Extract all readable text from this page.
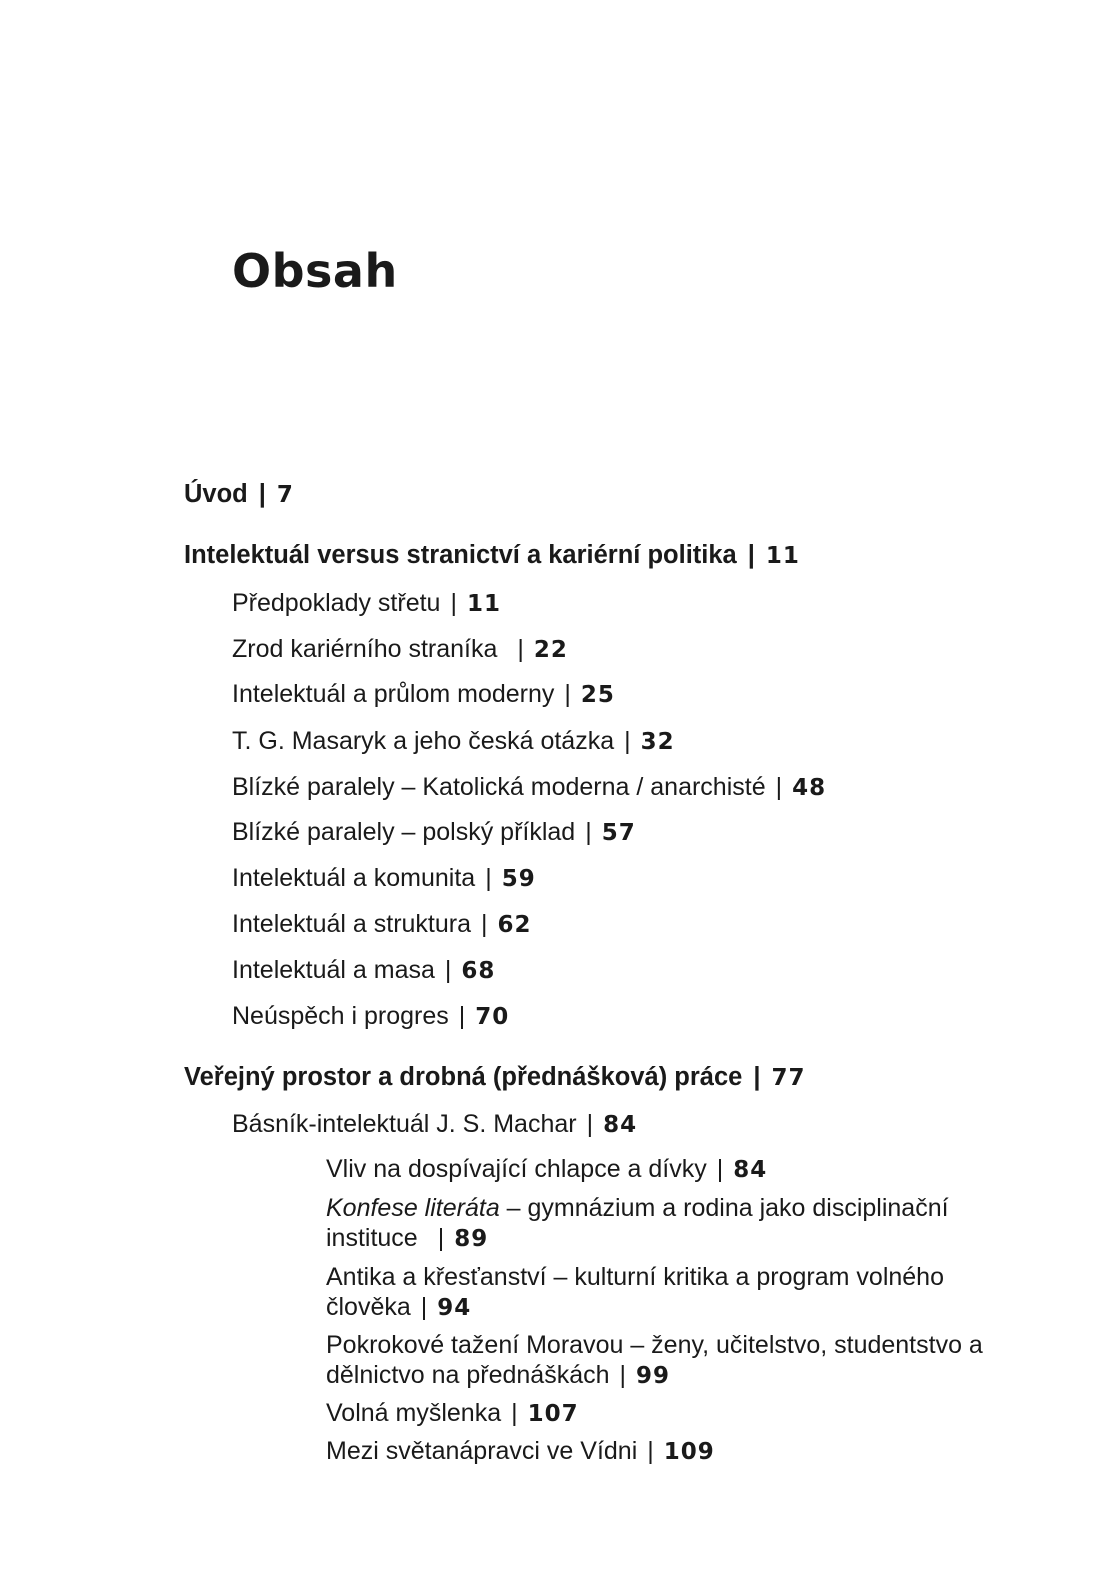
Obsah
Úvod | 7
Intelektuál versus stranictví a kariérní politika | 11
Předpoklady střetu | 11
Zrod kariérního straníka | 22
Intelektuál a průlom moderny | 25
T. G. Masaryk a jeho česká otázka | 32
Blízké paralely – Katolická moderna / anarchisté | 48
Blízké paralely – polský příklad | 57
Intelektuál a komunita | 59
Intelektuál a struktura | 62
Intelektuál a masa | 68
Neúspěch i progres | 70
Veřejný prostor a drobná (přednášková) práce | 77
Básník-intelektuál J. S. Machar | 84
Vliv na dospívající chlapce a dívky | 84
Konfese literáta – gymnázium a rodina jako disciplinační instituce | 89
Antika a křesťanství – kulturní kritika a program volného člověka | 94
Pokrokové tažení Moravou – ženy, učitelstvo, studentstvo a dělnictvo na přednáškách | 99
Volná myšlenka | 107
Mezi světanápravci ve Vídni | 109
